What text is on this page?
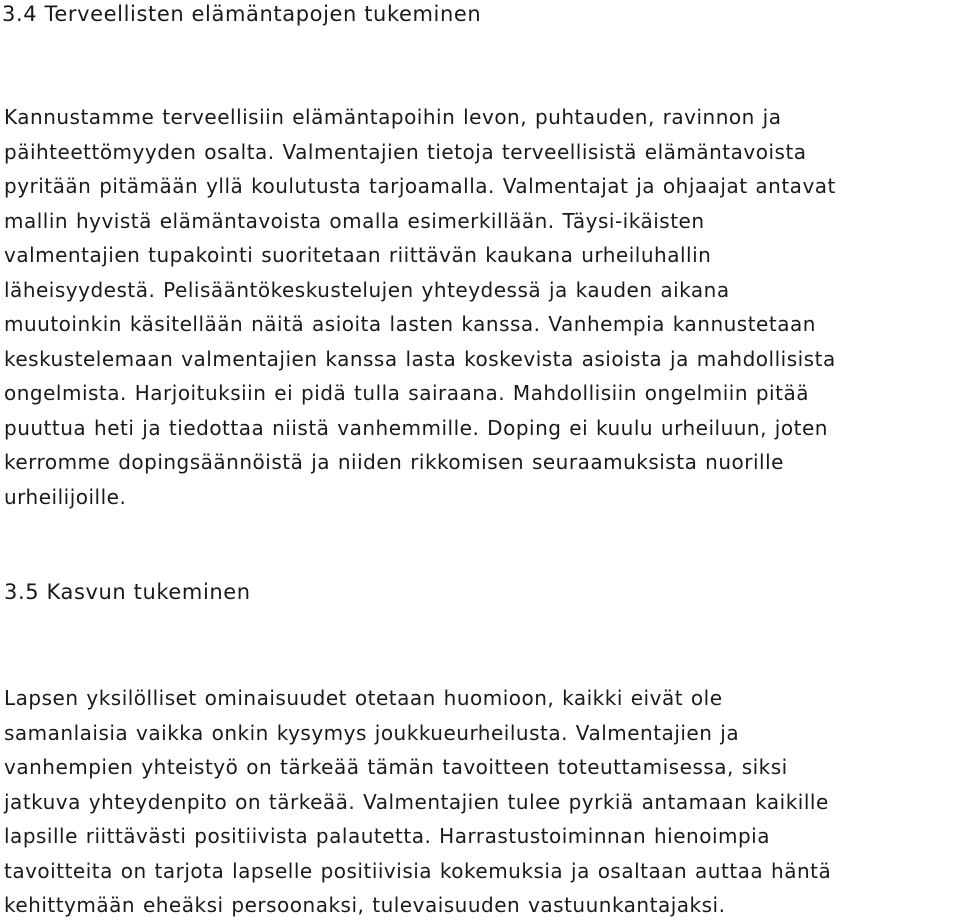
3.4 Terveellisten elämäntapojen tukeminen
Kannustamme terveellisiin elämäntapoihin levon, puhtauden, ravinnon ja
päihteettömyyden osalta. Valmentajien tietoja terveellisistä elämäntavoista
pyritään pitämään yllä koulutusta tarjoamalla. Valmentajat ja ohjaajat antavat
mallin hyvistä elämäntavoista omalla esimerkillään. Täysi-ikäisten
valmentajien tupakointi suoritetaan riittävän kaukana urheiluhallin
läheisyydestä. Pelisääntökeskustelujen yhteydessä ja kauden aikana
muutoinkin käsitellään näitä asioita lasten kanssa. Vanhempia kannustetaan
keskustelemaan valmentajien kanssa lasta koskevista asioista ja mahdollisista
ongelmista. Harjoituksiin ei pidä tulla sairaana. Mahdollisiin ongelmiin pitää
puuttua heti ja tiedottaa niistä vanhemmille. Doping ei kuulu urheiluun, joten
kerromme dopingsäännöistä ja niiden rikkomisen seuraamuksista nuorille
urheilijoille.
3.5 Kasvun tukeminen
Lapsen yksilölliset ominaisuudet otetaan huomioon, kaikki eivät ole
samanlaisia vaikka onkin kysymys joukkueurheilusta. Valmentajien ja
vanhempien yhteistyö on tärkeää tämän tavoitteen toteuttamisessa, siksi
jatkuva yhteydenpito on tärkeää. Valmentajien tulee pyrkiä antamaan kaikille
lapsille riittävästi positiivista palautetta. Harrastustoiminnan hienoimpia
tavoitteita on tarjota lapselle positiivisia kokemuksia ja osaltaan auttaa häntä
kehittymään eheäksi persoonaksi, tulevaisuuden vastuunkantajaksi.
